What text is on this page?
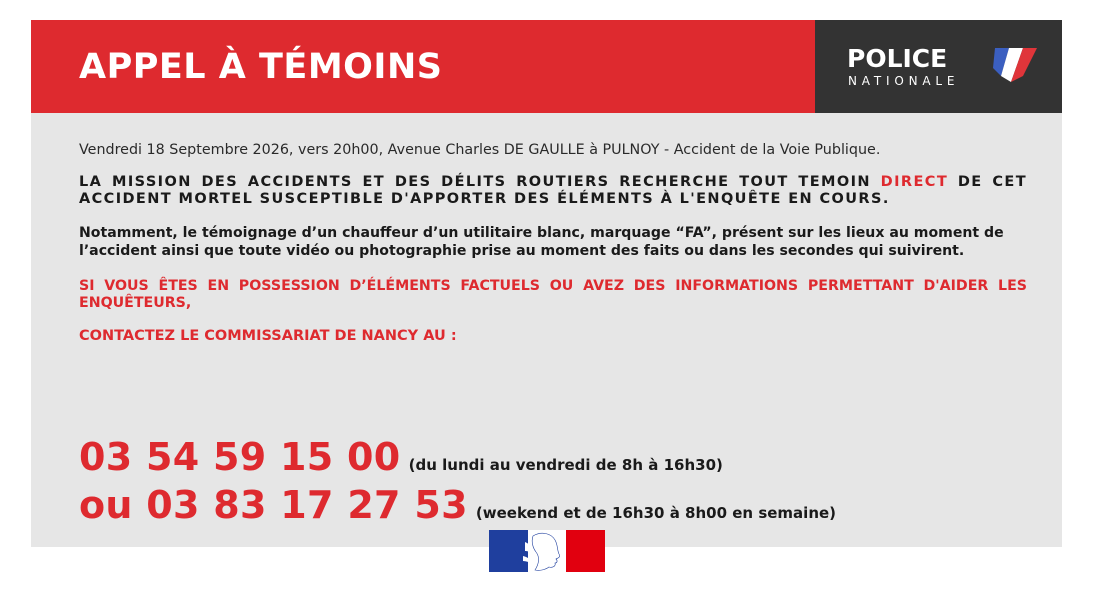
APPEL À TÉMOINS	POLICE
NATIONALE

Vendredi 18 Septembre 2026, vers 20h00, Avenue Charles DE GAULLE à PULNOY - Accident de la Voie Publique.

LA MISSION DES ACCIDENTS ET DES DÉLITS ROUTIERS RECHERCHE TOUT TEMOIN DIRECT DE CET ACCIDENT MORTEL SUSCEPTIBLE D'APPORTER DES ÉLÉMENTS À L'ENQUÊTE EN COURS.

Notamment, le témoignage d’un chauffeur d’un utilitaire blanc, marquage “FA”, présent sur les lieux au moment de l’accident ainsi que toute vidéo ou photographie prise au moment des faits ou dans les secondes qui suivirent.

SI VOUS ÊTES EN POSSESSION D’ÉLÉMENTS FACTUELS OU AVEZ DES INFORMATIONS PERMETTANT D'AIDER LES ENQUÊTEURS,

CONTACTEZ LE COMMISSARIAT DE NANCY AU :

03 54 59 15 00 (du lundi au vendredi de 8h à 16h30)
ou 03 83 17 27 53 (weekend et de 16h30 à 8h00 en semaine)
